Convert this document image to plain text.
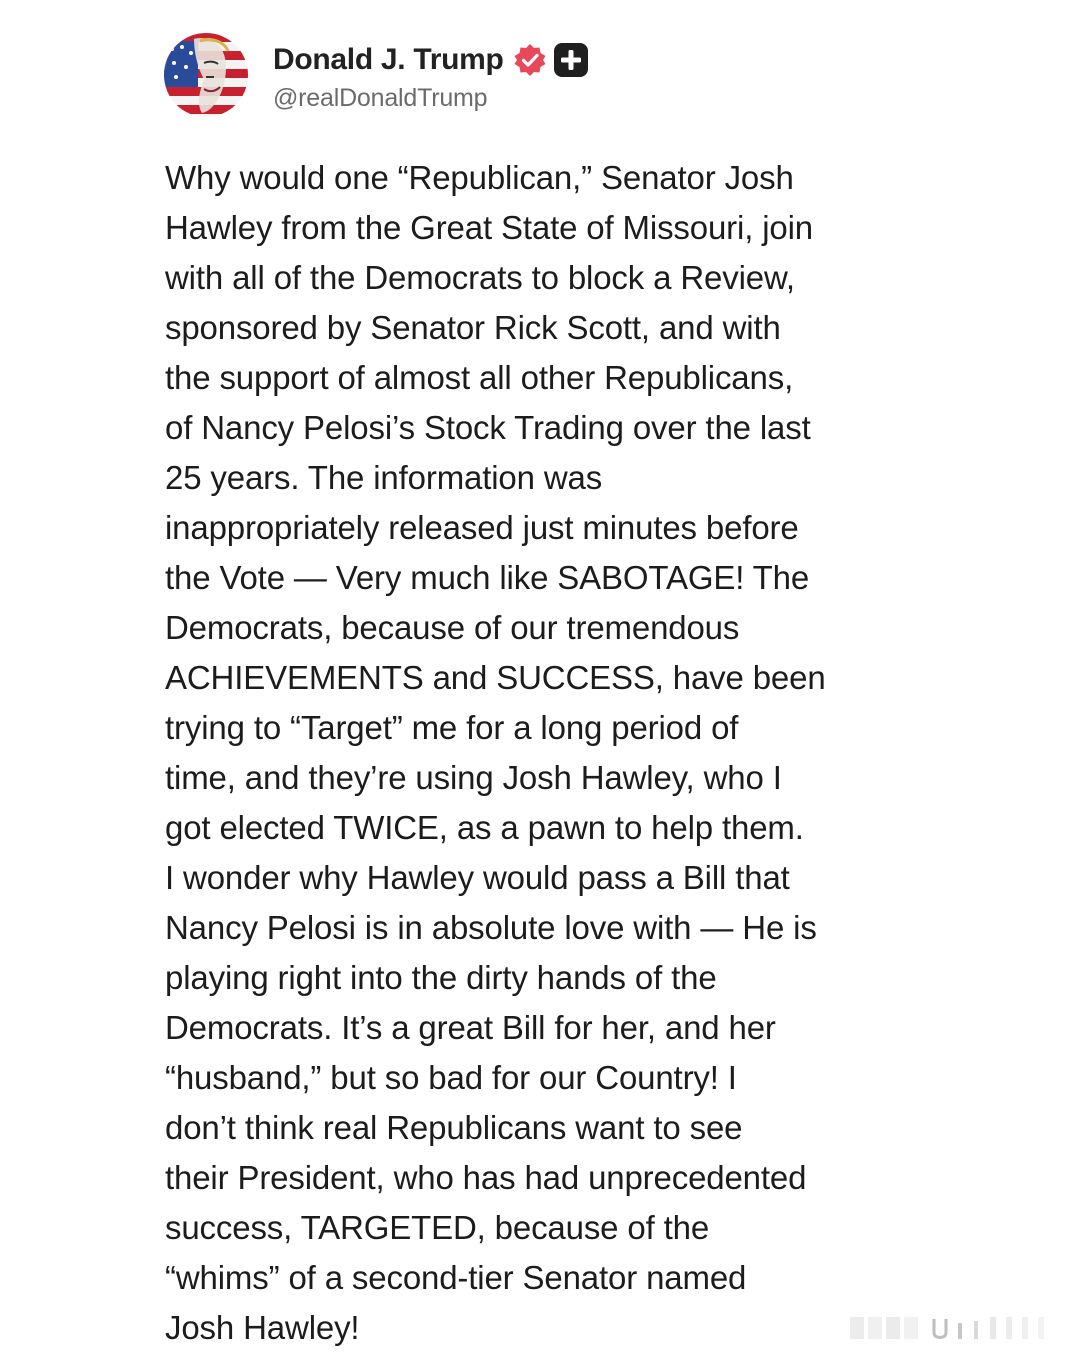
Donald J. Trump
@realDonaldTrump
Why would one “Republican,” Senator Josh
Hawley from the Great State of Missouri, join
with all of the Democrats to block a Review,
sponsored by Senator Rick Scott, and with
the support of almost all other Republicans,
of Nancy Pelosi’s Stock Trading over the last
25 years. The information was
inappropriately released just minutes before
the Vote — Very much like SABOTAGE! The
Democrats, because of our tremendous
ACHIEVEMENTS and SUCCESS, have been
trying to “Target” me for a long period of
time, and they’re using Josh Hawley, who I
got elected TWICE, as a pawn to help them.
I wonder why Hawley would pass a Bill that
Nancy Pelosi is in absolute love with — He is
playing right into the dirty hands of the
Democrats. It’s a great Bill for her, and her
“husband,” but so bad for our Country! I
don’t think real Republicans want to see
their President, who has had unprecedented
success, TARGETED, because of the
“whims” of a second-tier Senator named
Josh Hawley!
